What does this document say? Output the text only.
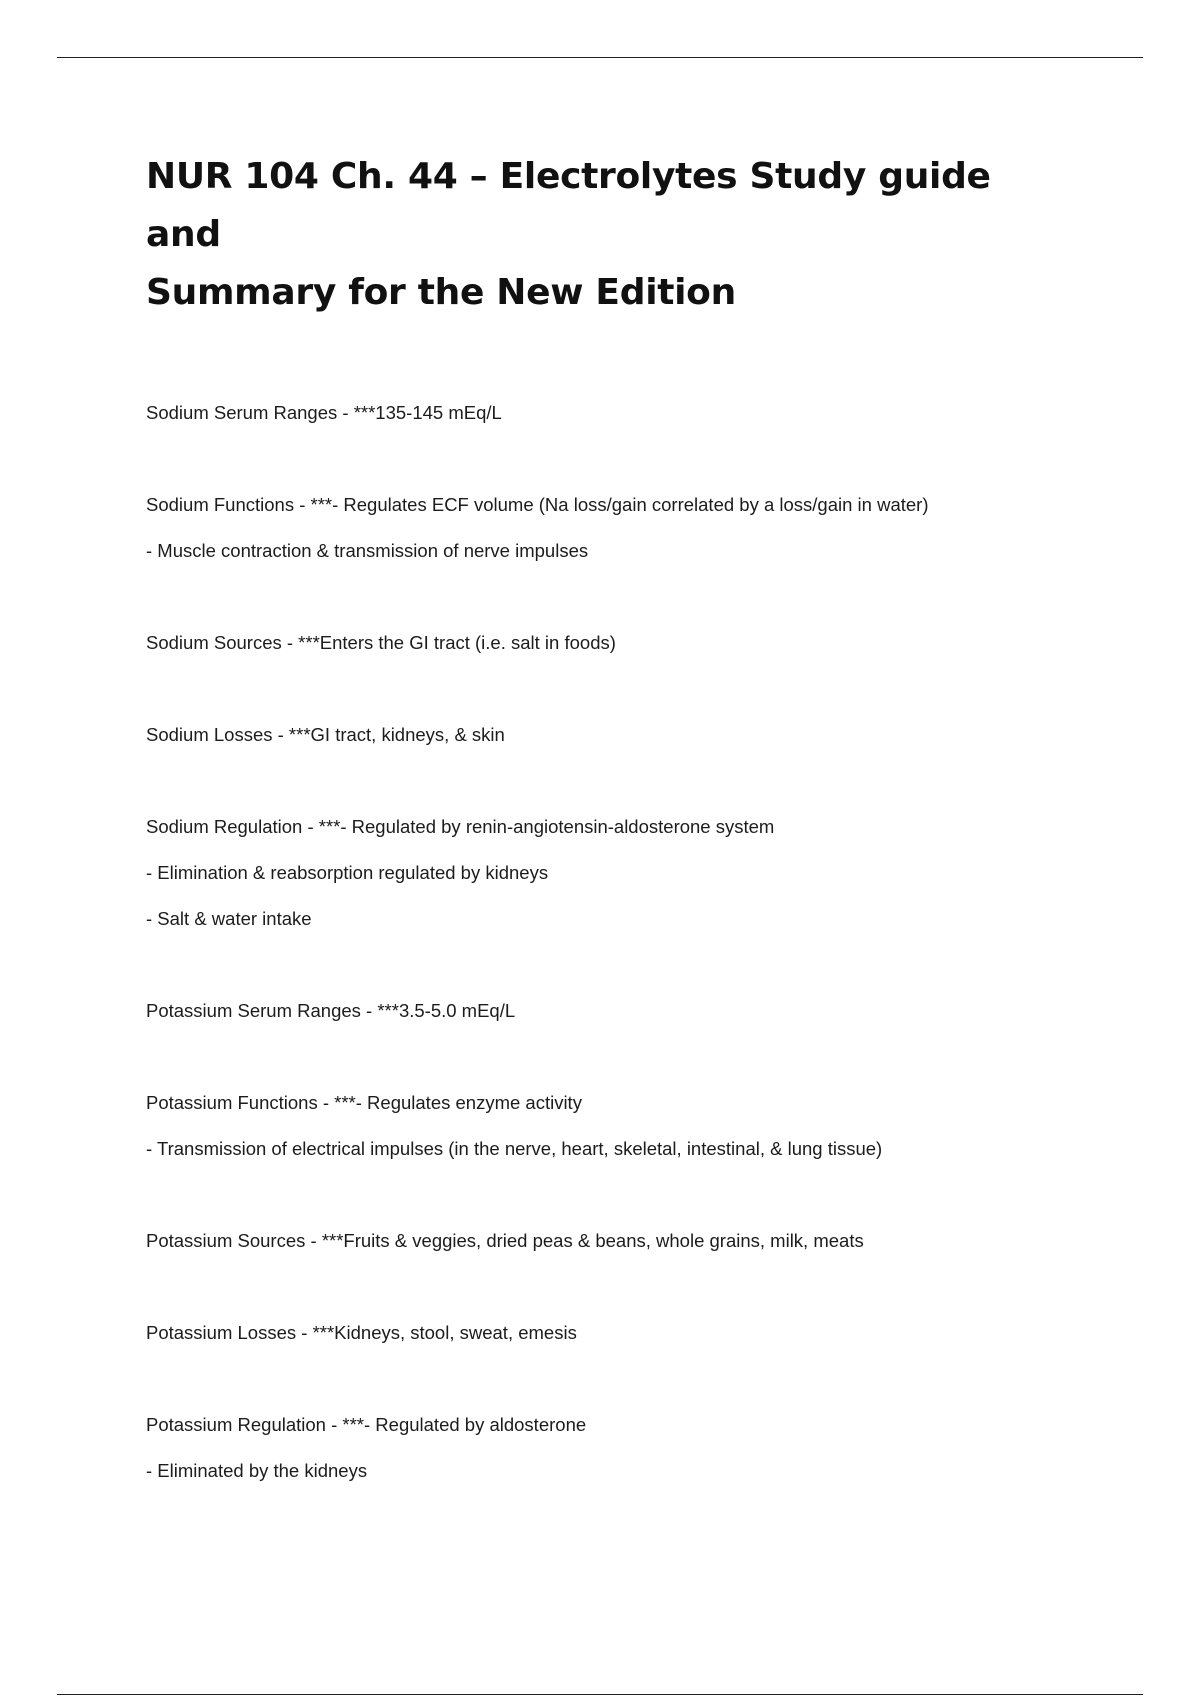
NUR 104 Ch. 44 – Electrolytes Study guide and
Summary for the New Edition
Sodium Serum Ranges - ***135-145 mEq/L
Sodium Functions - ***- Regulates ECF volume (Na loss/gain correlated by a loss/gain in water)
- Muscle contraction & transmission of nerve impulses
Sodium Sources - ***Enters the GI tract (i.e. salt in foods)
Sodium Losses - ***GI tract, kidneys, & skin
Sodium Regulation - ***- Regulated by renin-angiotensin-aldosterone system
- Elimination & reabsorption regulated by kidneys
- Salt & water intake
Potassium Serum Ranges - ***3.5-5.0 mEq/L
Potassium Functions - ***- Regulates enzyme activity
- Transmission of electrical impulses (in the nerve, heart, skeletal, intestinal, & lung tissue)
Potassium Sources - ***Fruits & veggies, dried peas & beans, whole grains, milk, meats
Potassium Losses - ***Kidneys, stool, sweat, emesis
Potassium Regulation - ***- Regulated by aldosterone
- Eliminated by the kidneys
